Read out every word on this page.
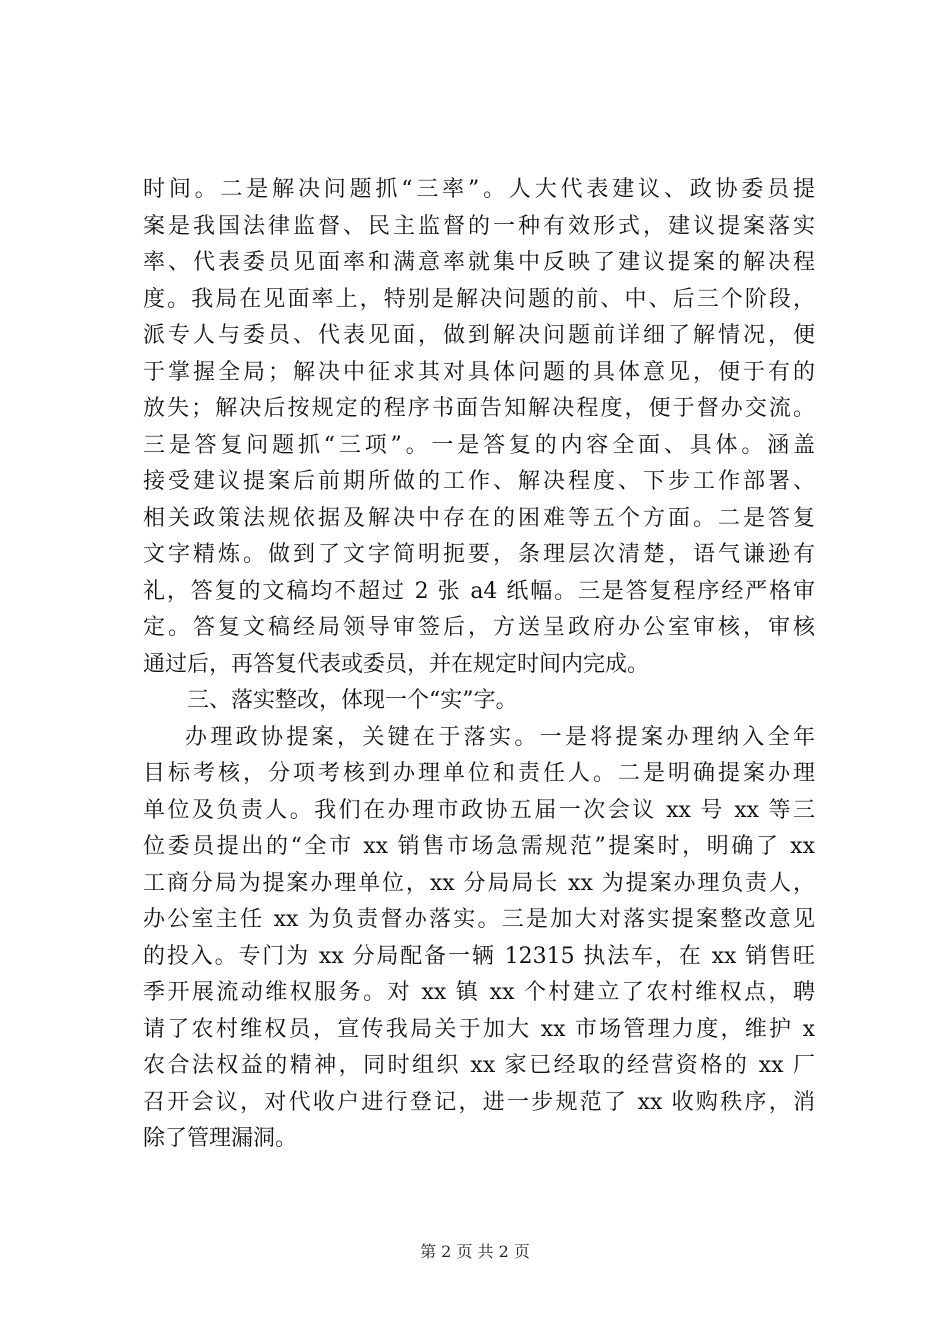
时间。二是解决问题抓“三率”。人大代表建议、政协委员提
案是我国法律监督、民主监督的一种有效形式，建议提案落实
率、代表委员见面率和满意率就集中反映了建议提案的解决程
度。我局在见面率上，特别是解决问题的前、中、后三个阶段，
派专人与委员、代表见面，做到解决问题前详细了解情况，便
于掌握全局；解决中征求其对具体问题的具体意见，便于有的
放失；解决后按规定的程序书面告知解决程度，便于督办交流。
三是答复问题抓“三项”。一是答复的内容全面、具体。涵盖
接受建议提案后前期所做的工作、解决程度、下步工作部署、
相关政策法规依据及解决中存在的困难等五个方面。二是答复
文字精炼。做到了文字简明扼要，条理层次清楚，语气谦逊有
礼，答复的文稿均不超过 2 张 a4 纸幅。三是答复程序经严格审
定。答复文稿经局领导审签后，方送呈政府办公室审核，审核
通过后，再答复代表或委员，并在规定时间内完成。
三、落实整改，体现一个“实”字。
办理政协提案，关键在于落实。一是将提案办理纳入全年
目标考核，分项考核到办理单位和责任人。二是明确提案办理
单位及负责人。我们在办理市政协五届一次会议 xx 号 xx 等三
位委员提出的“全市 xx 销售市场急需规范”提案时，明确了 xx
工商分局为提案办理单位，xx 分局局长 xx 为提案办理负责人，
办公室主任 xx 为负责督办落实。三是加大对落实提案整改意见
的投入。专门为 xx 分局配备一辆 12315 执法车，在 xx 销售旺
季开展流动维权服务。对 xx 镇 xx 个村建立了农村维权点，聘
请了农村维权员，宣传我局关于加大 xx 市场管理力度，维护 x
农合法权益的精神，同时组织 xx 家已经取的经营资格的 xx 厂
召开会议，对代收户进行登记，进一步规范了 xx 收购秩序，消
除了管理漏洞。
第 2 页 共 2 页
